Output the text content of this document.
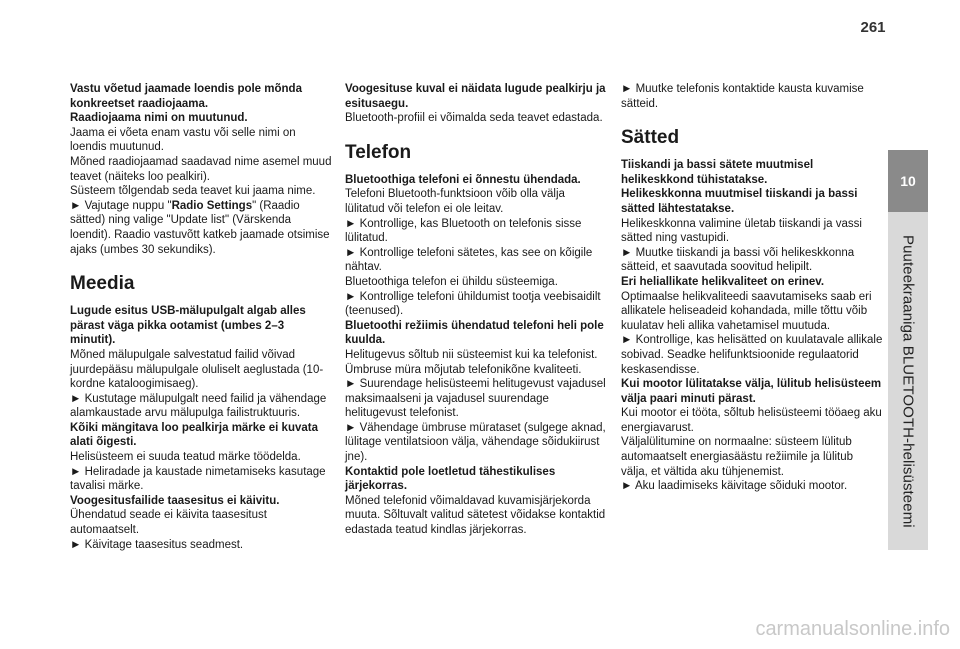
261
10
Puuteekraaniga BLUETOOTH-helisüsteemi

Vastu võetud jaamade loendis pole mõnda konkreetset raadiojaama.

Raadiojaama nimi on muutunud.

Jaama ei võeta enam vastu või selle nimi on loendis muutunud.

Mõned raadiojaamad saadavad nime asemel muud teavet (näiteks loo pealkiri).

Süsteem tõlgendab seda teavet kui jaama nime.

► Vajutage nuppu "Radio Settings" (Raadio sätted) ning valige "Update list" (Värskenda loendit). Raadio vastuvõtt katkeb jaamade otsimise ajaks (umbes 30 sekundiks).

Meedia

Lugude esitus USB-mälupulgalt algab alles pärast väga pikka ootamist (umbes 2–3 minutit).

Mõned mälupulgale salvestatud failid võivad juurdepääsu mälupulgale oluliselt aeglustada (10-kordne kataloogimisaeg).

► Kustutage mälupulgalt need failid ja vähendage alamkaustade arvu mälupulga failistruktuuris.

Kõiki mängitava loo pealkirja märke ei kuvata alati õigesti.

Helisüsteem ei suuda teatud märke töödelda.

► Heliradade ja kaustade nimetamiseks kasutage tavalisi märke.

Voogesitusfailide taasesitus ei käivitu.

Ühendatud seade ei käivita taasesitust automaatselt.

► Käivitage taasesitus seadmest.

Voogesituse kuval ei näidata lugude pealkirju ja esitusaegu.

Bluetooth-profiil ei võimalda seda teavet edastada.

Telefon

Bluetoothiga telefoni ei õnnestu ühendada.

Telefoni Bluetooth-funktsioon võib olla välja lülitatud või telefon ei ole leitav.

► Kontrollige, kas Bluetooth on telefonis sisse lülitatud.

► Kontrollige telefoni sätetes, kas see on kõigile nähtav.

Bluetoothiga telefon ei ühildu süsteemiga.

► Kontrollige telefoni ühildumist tootja veebisaidilt (teenused).

Bluetoothi režiimis ühendatud telefoni heli pole kuulda.

Helitugevus sõltub nii süsteemist kui ka telefonist.

Ümbruse müra mõjutab telefonikõne kvaliteeti.

► Suurendage helisüsteemi helitugevust vajadusel maksimaalseni ja vajadusel suurendage helitugevust telefonist.

► Vähendage ümbruse mürataset (sulgege aknad, lülitage ventilatsioon välja, vähendage sõidukiirust jne).

Kontaktid pole loetletud tähestikulises järjekorras.

Mõned telefonid võimaldavad kuvamisjärjekorda muuta. Sõltuvalt valitud sätetest võidakse kontaktid edastada teatud kindlas järjekorras.

► Muutke telefonis kontaktide kausta kuvamise sätteid.

Sätted

Tiiskandi ja bassi sätete muutmisel helikeskkond tühistatakse.

Helikeskkonna muutmisel tiiskandi ja bassi sätted lähtestatakse.

Helikeskkonna valimine ületab tiiskandi ja vassi sätted ning vastupidi.

► Muutke tiiskandi ja bassi või helikeskkonna sätteid, et saavutada soovitud helipilt.

Eri heliallikate helikvaliteet on erinev.

Optimaalse helikvaliteedi saavutamiseks saab eri allikatele heliseadeid kohandada, mille tõttu võib kuulatav heli allika vahetamisel muutuda.

► Kontrollige, kas helisätted on kuulatavale allikale sobivad. Seadke helifunktsioonide regulaatorid keskasendisse.

Kui mootor lülitatakse välja, lülitub helisüsteem välja paari minuti pärast.

Kui mootor ei tööta, sõltub helisüsteemi tööaeg aku energiavarust.

Väljalülitumine on normaalne: süsteem lülitub automaatselt energiasäästu režiimile ja lülitub välja, et vältida aku tühjenemist.

► Aku laadimiseks käivitage sõiduki mootor.

carmanualsonline.info
